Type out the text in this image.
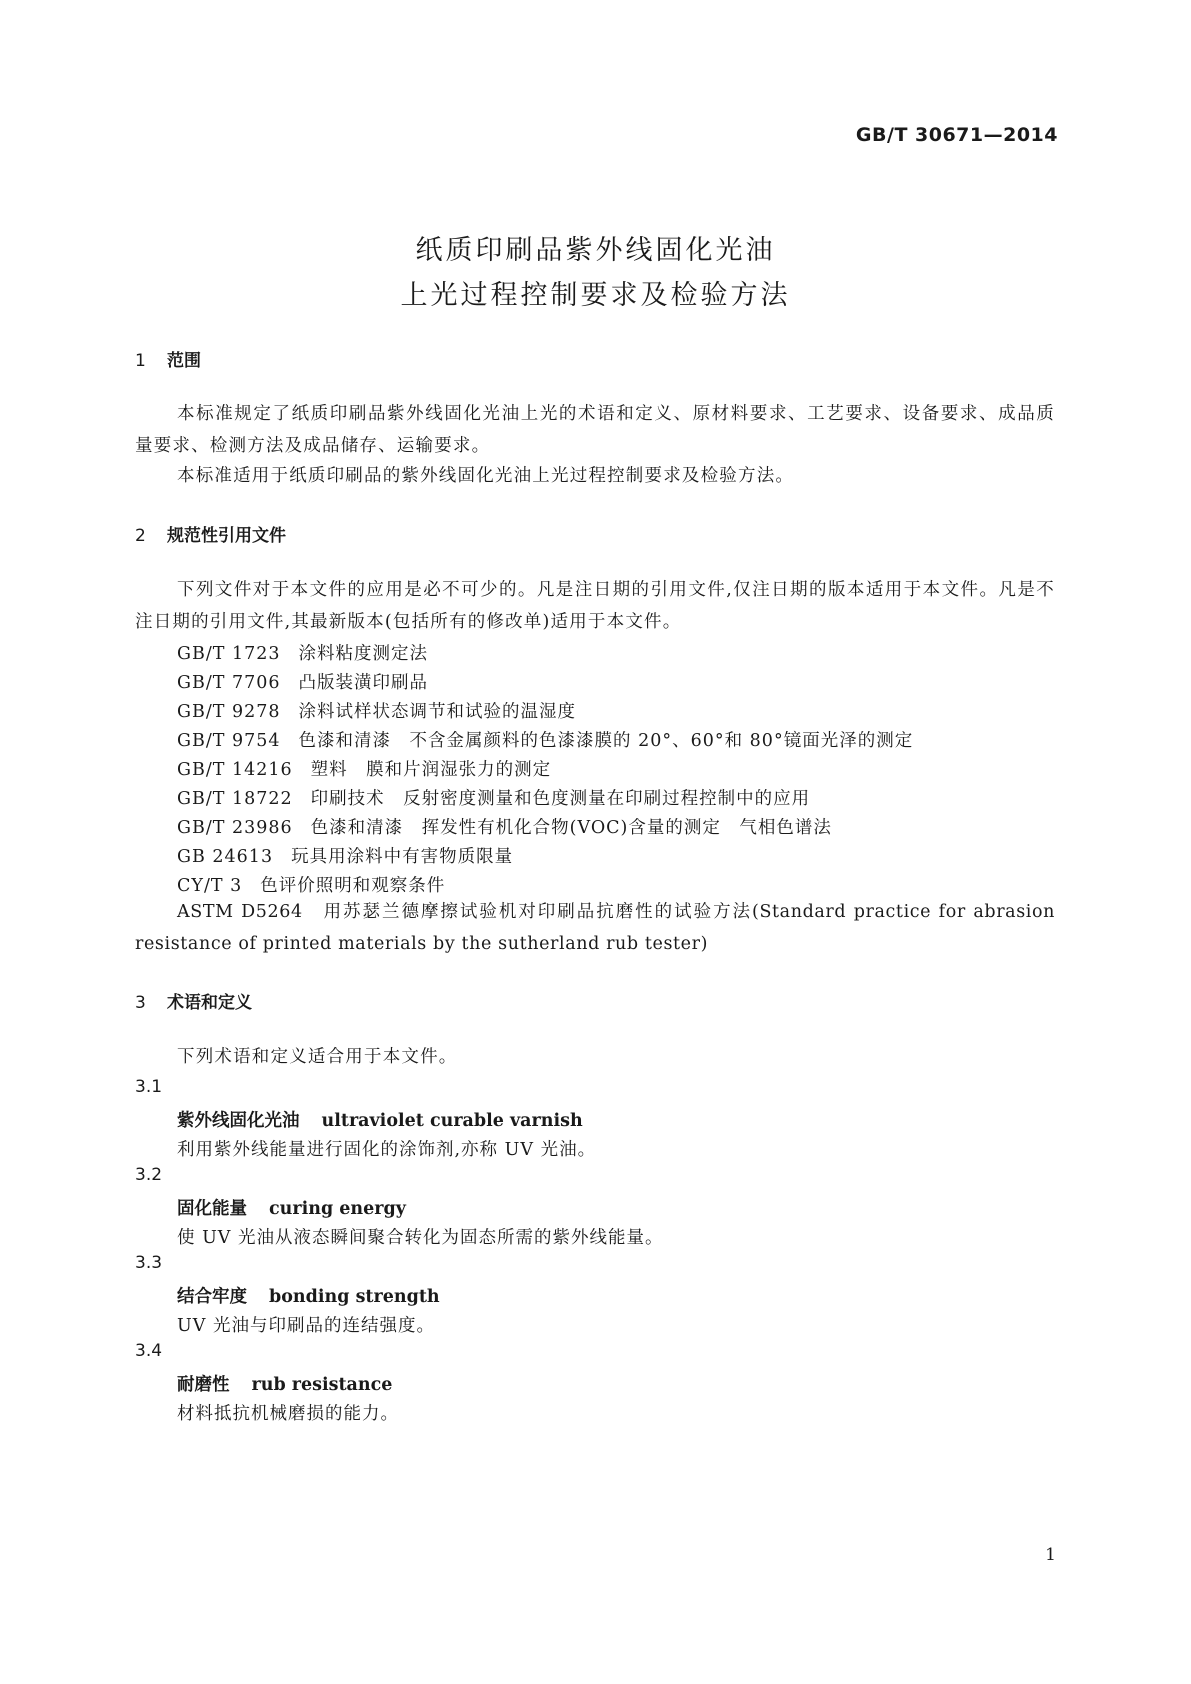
GB/T 30671—2014
纸质印刷品紫外线固化光油
上光过程控制要求及检验方法
1 范围
本标准规定了纸质印刷品紫外线固化光油上光的术语和定义、原材料要求、工艺要求、设备要求、成品质量要求、检测方法及成品储存、运输要求。
本标准适用于纸质印刷品的紫外线固化光油上光过程控制要求及检验方法。
2 规范性引用文件
下列文件对于本文件的应用是必不可少的。凡是注日期的引用文件,仅注日期的版本适用于本文件。凡是不注日期的引用文件,其最新版本(包括所有的修改单)适用于本文件。
GB/T 1723 涂料粘度测定法
GB/T 7706 凸版装潢印刷品
GB/T 9278 涂料试样状态调节和试验的温湿度
GB/T 9754 色漆和清漆　不含金属颜料的色漆漆膜的 20°、60°和 80°镜面光泽的测定
GB/T 14216 塑料　膜和片润湿张力的测定
GB/T 18722 印刷技术　反射密度测量和色度测量在印刷过程控制中的应用
GB/T 23986 色漆和清漆　挥发性有机化合物(VOC)含量的测定　气相色谱法
GB 24613 玩具用涂料中有害物质限量
CY/T 3 色评价照明和观察条件
ASTM D5264　用苏瑟兰德摩擦试验机对印刷品抗磨性的试验方法(Standard practice for abrasion resistance of printed materials by the sutherland rub tester)
3 术语和定义
下列术语和定义适合用于本文件。
3.1
紫外线固化光油 ultraviolet curable varnish
利用紫外线能量进行固化的涂饰剂,亦称 UV 光油。
3.2
固化能量 curing energy
使 UV 光油从液态瞬间聚合转化为固态所需的紫外线能量。
3.3
结合牢度 bonding strength
UV 光油与印刷品的连结强度。
3.4
耐磨性 rub resistance
材料抵抗机械磨损的能力。
1
